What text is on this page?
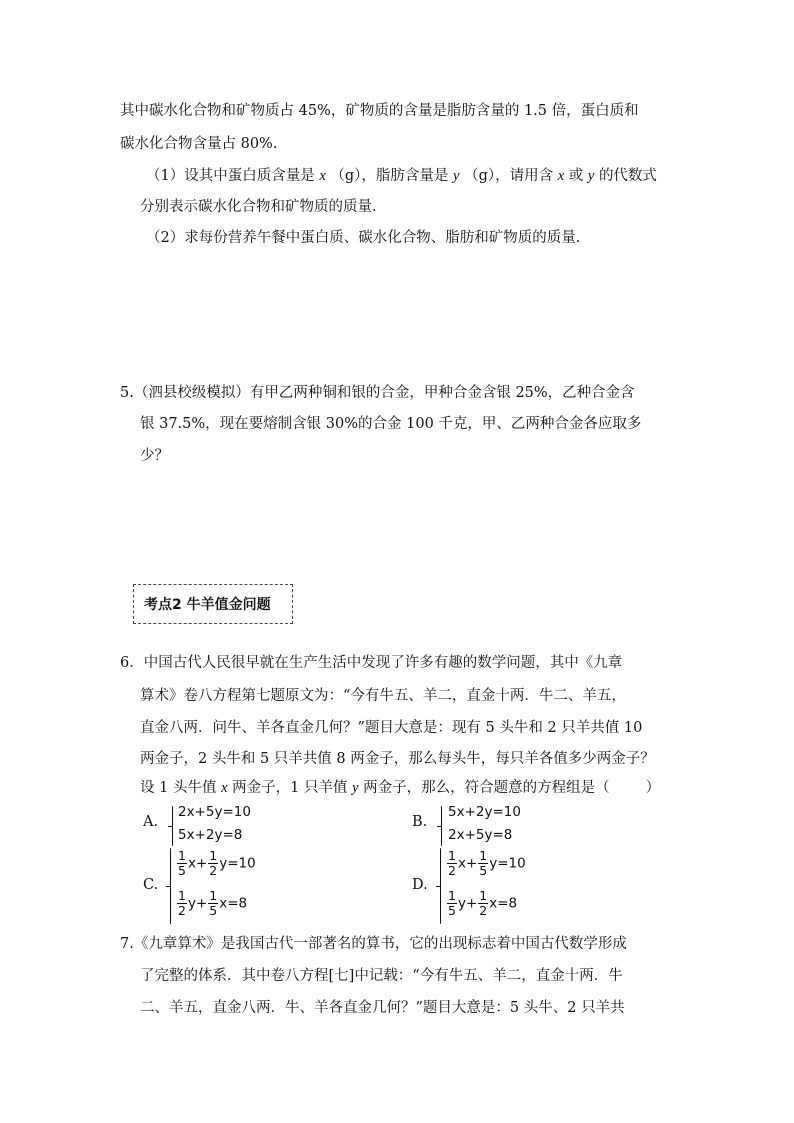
其中碳水化合物和矿物质占 45%，矿物质的含量是脂肪含量的 1.5 倍，蛋白质和
碳水化合物含量占 80%.
（1）设其中蛋白质含量是 x （g），脂肪含量是 y （g），请用含 x 或 y 的代数式
分别表示碳水化合物和矿物质的质量.
（2）求每份营养午餐中蛋白质、碳水化合物、脂肪和矿物质的质量.
5.（泗县校级模拟）有甲乙两种铜和银的合金，甲种合金含银 25%，乙种合金含
银 37.5%，现在要熔制含银 30%的合金 100 千克，甲、乙两种合金各应取多
少？
考点2 牛羊值金问题
6．中国古代人民很早就在生产生活中发现了许多有趣的数学问题，其中《九章
算术》卷八方程第七题原文为：“今有牛五、羊二，直金十两．牛二、羊五，
直金八两．问牛、羊各直金几何？”题目大意是：现有 5 头牛和 2 只羊共值 10
两金子，2 头牛和 5 只羊共值 8 两金子，那么每头牛，每只羊各值多少两金子？
设 1 头牛值 x 两金子，1 只羊值 y 两金子，那么，符合题意的方程组是（ ）
A.
2x+5y=10
5x+2y=8
B.
5x+2y=10
2x+5y=8
C.
$\frac{1}{5} x+ \frac{1}{2} y=10$
$\frac{1}{2} y+ \frac{1}{5} x=8$
D.
$\frac{1}{2} x+ \frac{1}{5} y=10$
$\frac{1}{5} y+ \frac{1}{2} x=8$
7.《九章算术》是我国古代一部著名的算书，它的出现标志着中国古代数学形成
了完整的体系．其中卷八方程[七]中记载：“今有牛五、羊二，直金十两．牛
二、羊五，直金八两．牛、羊各直金几何？”题目大意是：5 头牛、2 只羊共
